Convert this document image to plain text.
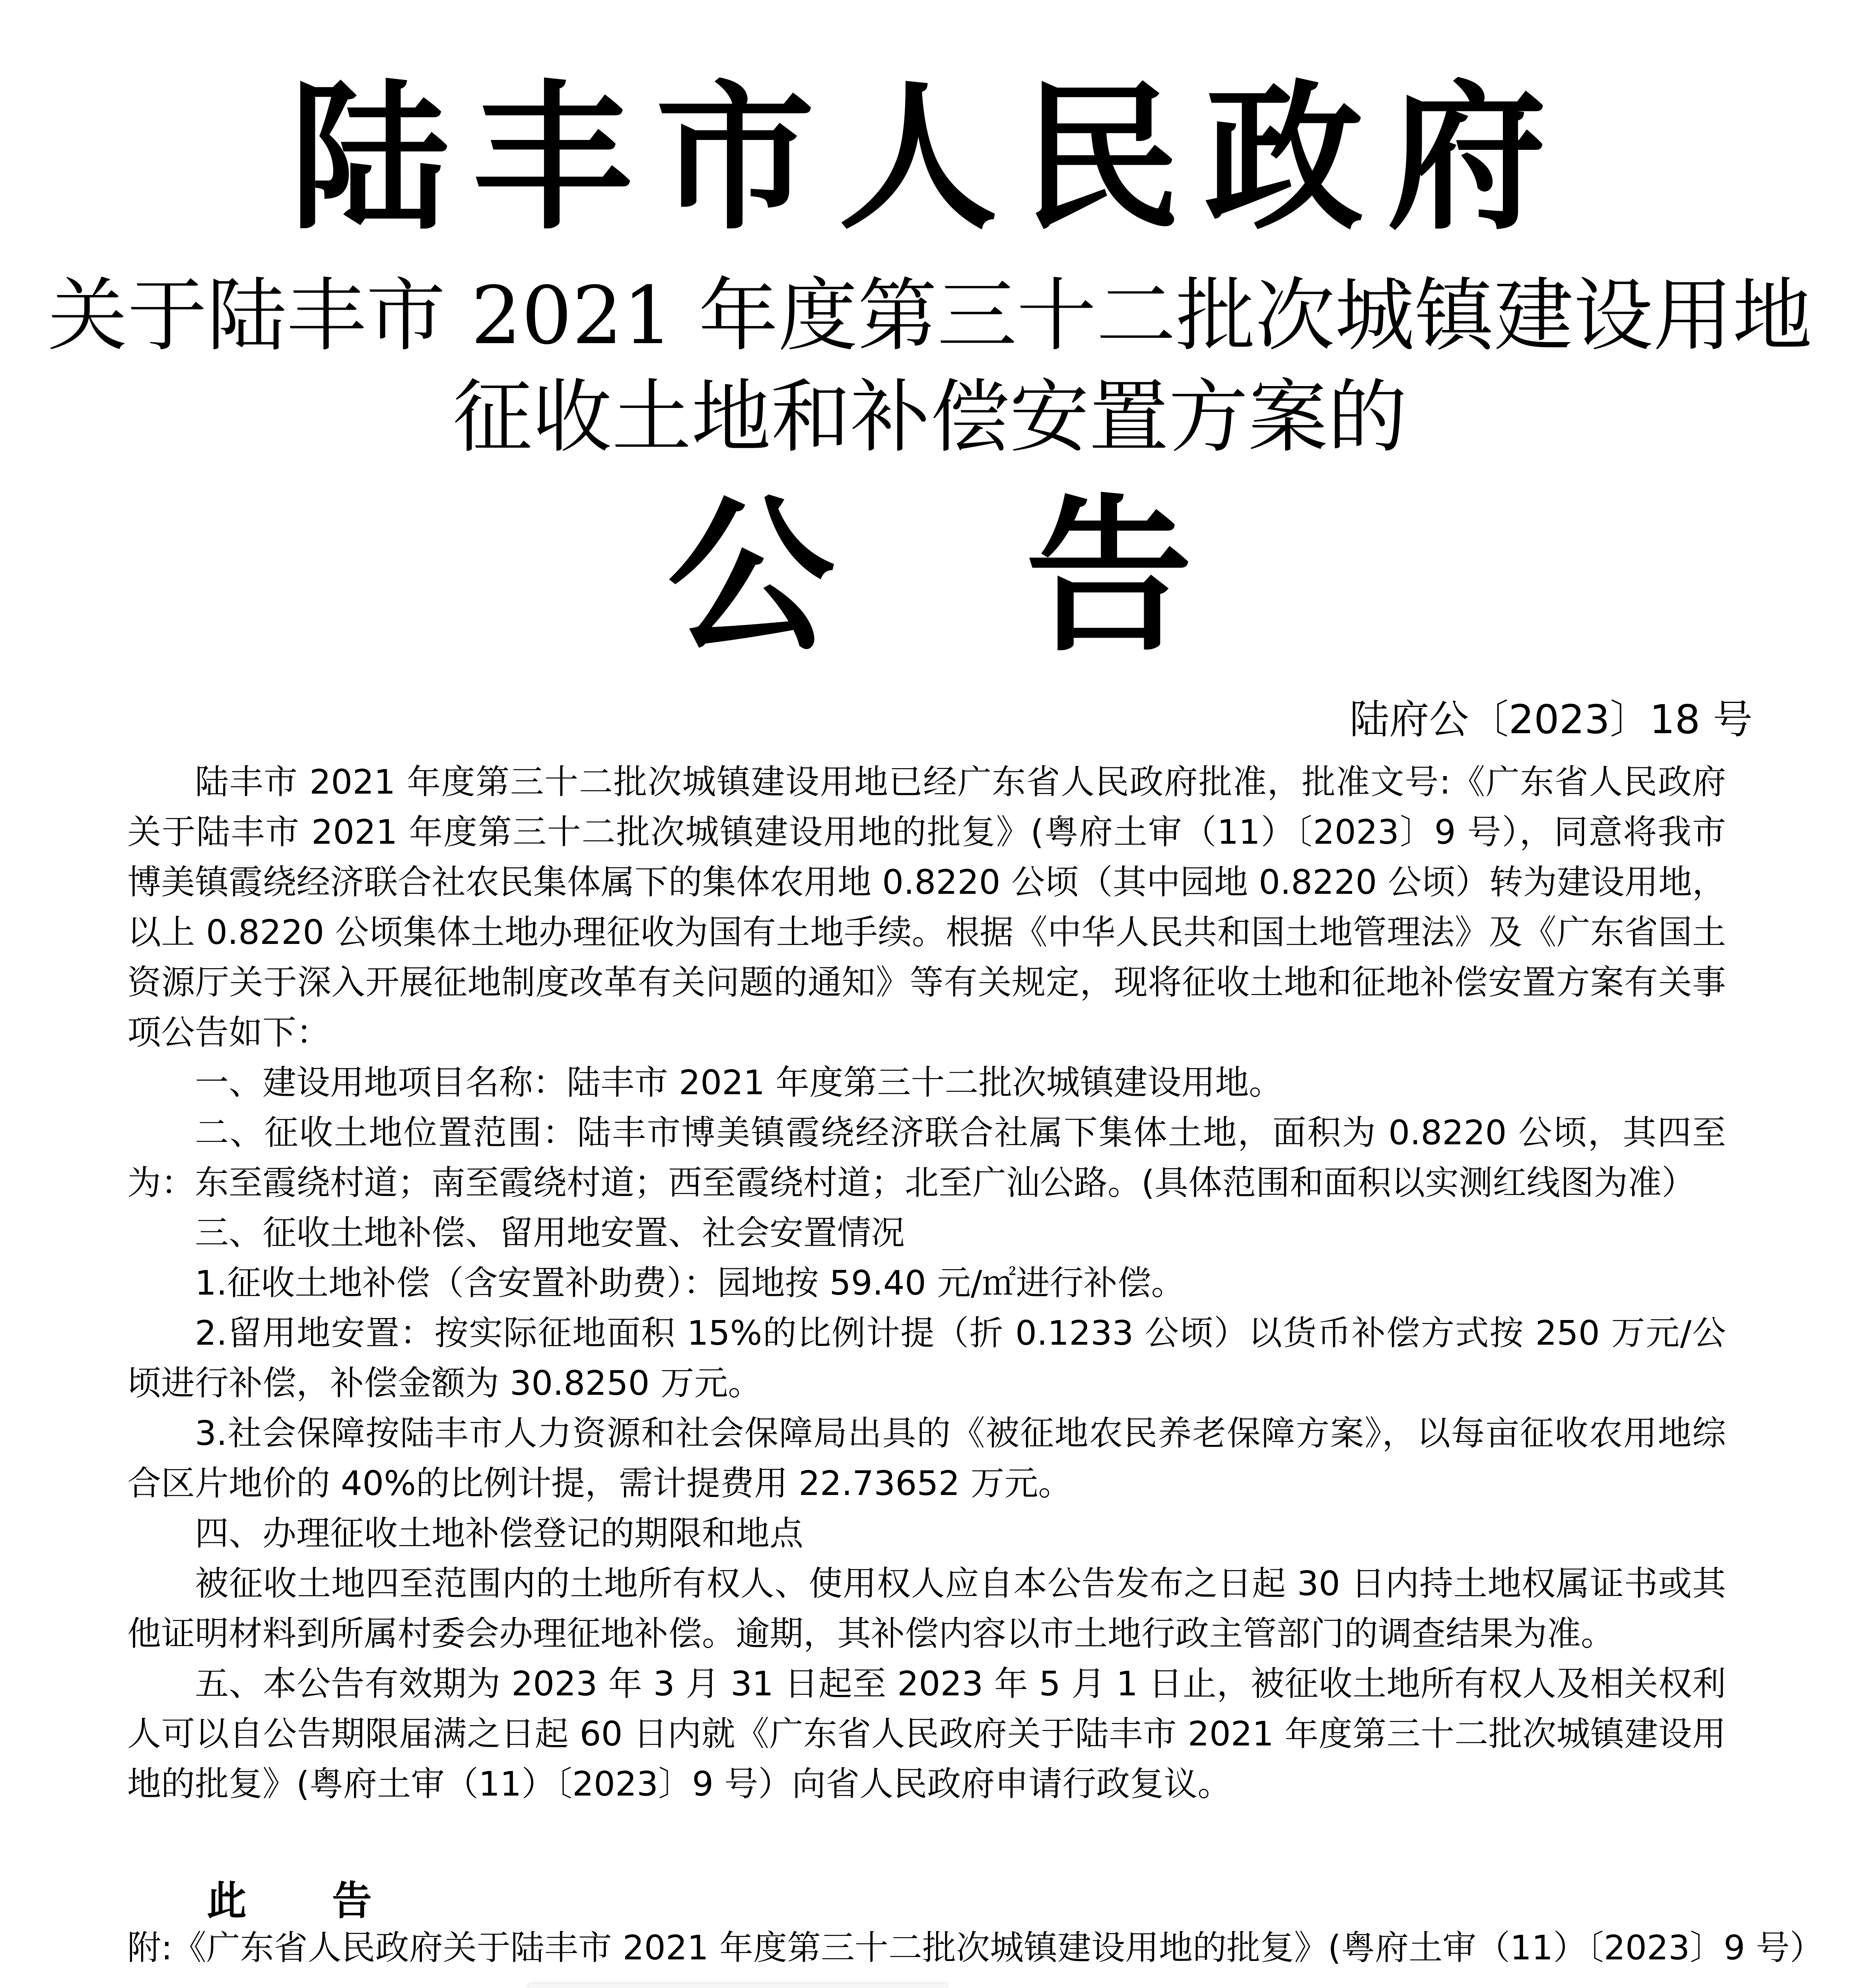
陆丰市人民政府
关于陆丰市 2021 年度第三十二批次城镇建设用地
征收土地和补偿安置方案的
公 告
陆府公〔2023〕18 号

陆丰市 2021 年度第三十二批次城镇建设用地已经广东省人民政府批准，批准文号:《广东省人民政府关于陆丰市 2021 年度第三十二批次城镇建设用地的批复》(粤府土审（11）〔2023〕9 号），同意将我市博美镇霞绕经济联合社农民集体属下的集体农用地 0.8220 公顷（其中园地 0.8220 公顷）转为建设用地，以上 0.8220 公顷集体土地办理征收为国有土地手续。根据《中华人民共和国土地管理法》及《广东省国土资源厅关于深入开展征地制度改革有关问题的通知》等有关规定，现将征收土地和征地补偿安置方案有关事项公告如下：

一、建设用地项目名称：陆丰市 2021 年度第三十二批次城镇建设用地。

二、征收土地位置范围：陆丰市博美镇霞绕经济联合社属下集体土地，面积为 0.8220 公顷，其四至为：东至霞绕村道；南至霞绕村道；西至霞绕村道；北至广汕公路。(具体范围和面积以实测红线图为准）

三、征收土地补偿、留用地安置、社会安置情况

1.征收土地补偿（含安置补助费）：园地按 59.40 元/㎡进行补偿。

2.留用地安置：按实际征地面积 15%的比例计提（折 0.1233 公顷）以货币补偿方式按 250 万元/公顷进行补偿，补偿金额为 30.8250 万元。

3.社会保障按陆丰市人力资源和社会保障局出具的《被征地农民养老保障方案》，以每亩征收农用地综合区片地价的 40%的比例计提，需计提费用 22.73652 万元。

四、办理征收土地补偿登记的期限和地点

被征收土地四至范围内的土地所有权人、使用权人应自本公告发布之日起 30 日内持土地权属证书或其他证明材料到所属村委会办理征地补偿。逾期，其补偿内容以市土地行政主管部门的调查结果为准。

五、本公告有效期为 2023 年 3 月 31 日起至 2023 年 5 月 1 日止，被征收土地所有权人及相关权利人可以自公告期限届满之日起 60 日内就《广东省人民政府关于陆丰市 2021 年度第三十二批次城镇建设用地的批复》(粤府土审（11）〔2023〕9 号）向省人民政府申请行政复议。

此 告
附:《广东省人民政府关于陆丰市 2021 年度第三十二批次城镇建设用地的批复》(粤府土审（11）〔2023〕9 号）
